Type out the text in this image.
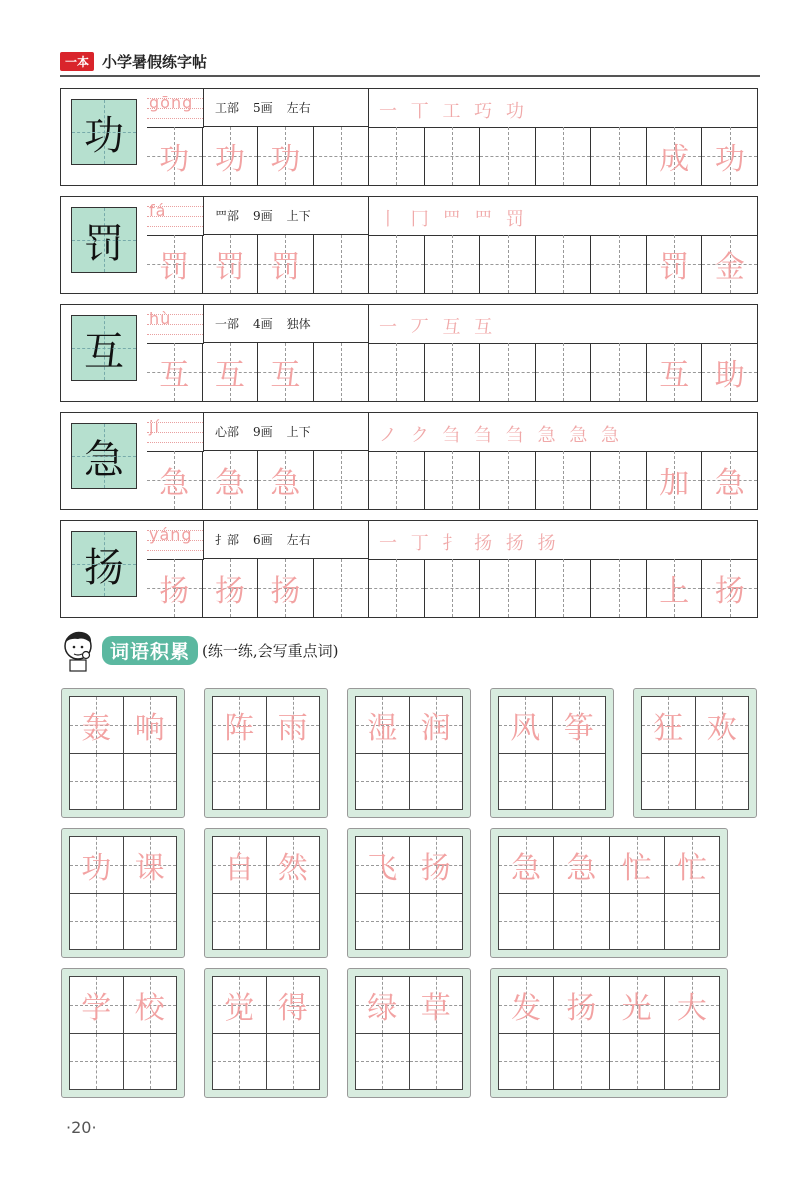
一本 小学暑假练字帖
功
gōng 工部 5画 左右	一 丅 工 巧 功
功 功 功	成 功
罚
fá	罒部 9画 上下	丨 冂 罒 罒 罚
罚 罚 罚	罚 金
互
hù	一部 4画 独体	一 丆 互 互
互 互 互	互 助
急
jí	心部 9画 上下	ノ ク 刍 刍 刍 急 急 急
急 急 急	加 急
扬
yáng 扌部 6画 左右	一 丁 扌 扬 扬 扬
扬 扬 扬	上 扬
词语积累 (练一练,会写重点词)
轰 响	阵 雨	湿 润	风 筝	狂 欢
功 课	自 然	飞 扬	急 急 忙 忙
学 校	觉 得	绿 草	发 扬 光 大
·20·
